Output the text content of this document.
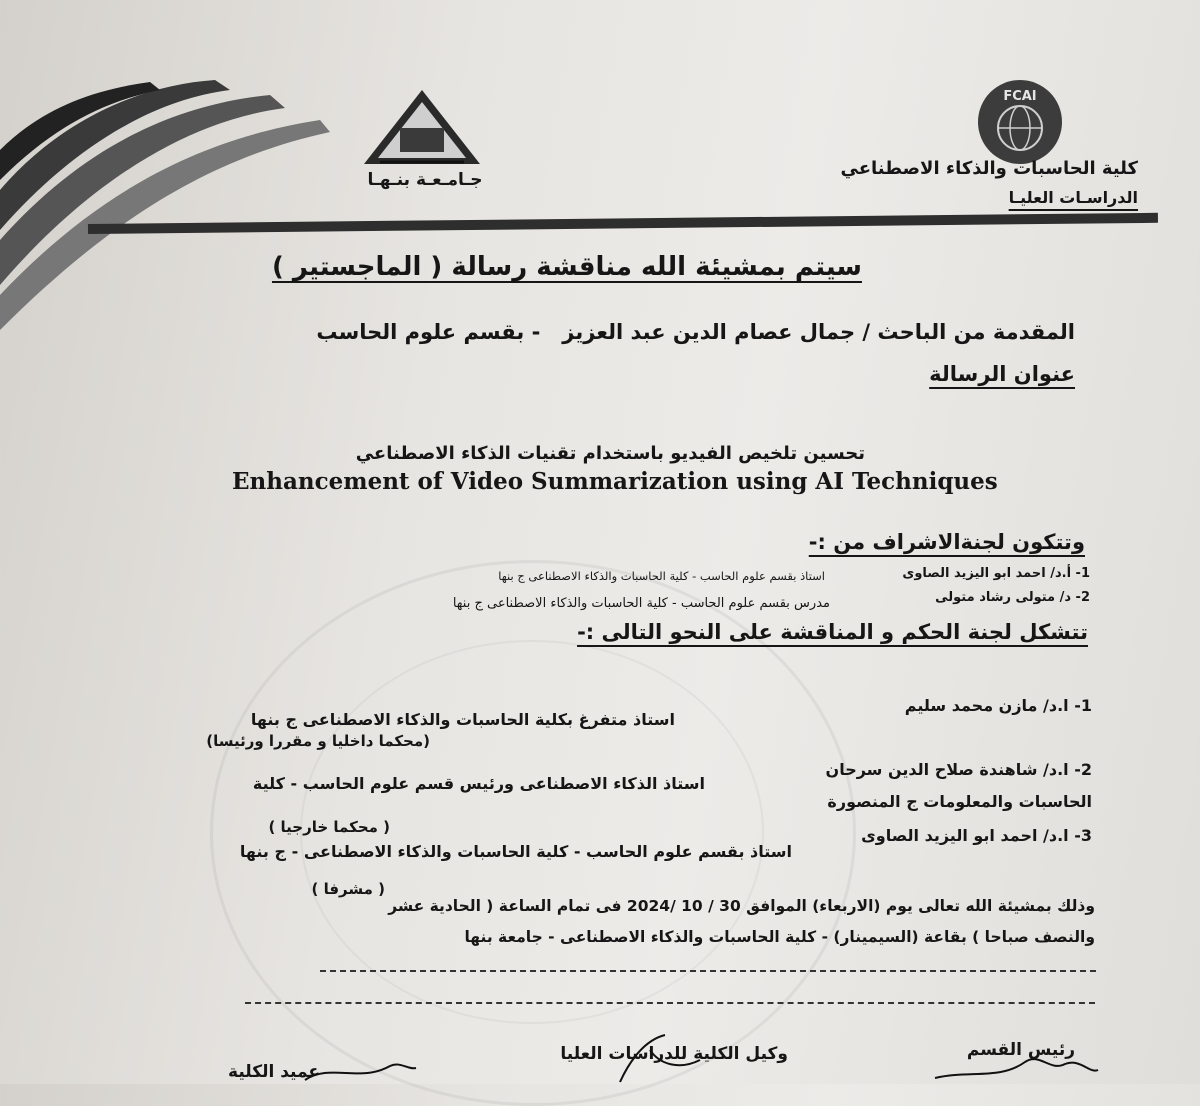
جـامـعـة بنـهـا
FCAI
كلية الحاسبات والذكاء الاصطناعي
الدراسـات العليـا
سيتم بمشيئة الله مناقشة رسالة ( الماجستير )
المقدمة من الباحث / جمال عصام الدين عبد العزيز   - بقسم علوم الحاسب
عنوان الرسالة
تحسين تلخيص الفيديو باستخدام تقنيات الذكاء الاصطناعي
Enhancement of Video Summarization using AI Techniques
وتتكون لجنةالاشراف من :-
1- أ.د/ احمد ابو اليزيد الصاوى
استاذ بقسم علوم الحاسب - كلية الحاسبات والذكاء الاصطناعى ج بنها
2- د/ متولى رشاد متولى
مدرس بقسم علوم الحاسب - كلية الحاسبات والذكاء الاصطناعى ج بنها
تتشكل لجنة الحكم و المناقشة على النحو التالى :-
1- ا.د/ مازن محمد سليم
استاذ متفرغ بكلية الحاسبات والذكاء الاصطناعى ج بنها
(محكما داخليا و مقررا ورئيسا)
2- ا.د/ شاهندة صلاح الدين سرحان
استاذ الذكاء الاصطناعى ورئيس قسم علوم الحاسب - كلية
الحاسبات والمعلومات ج المنصورة
( محكما خارجيا )	3- ا.د/ احمد ابو اليزيد الصاوى
استاذ بقسم علوم الحاسب - كلية الحاسبات والذكاء الاصطناعى - ج بنها
( مشرفا )
وذلك بمشيئة الله تعالى يوم (الاربعاء) الموافق 30 / 10 /2024 فى تمام الساعة ( الحادية عشر
والنصف صباحا ) بقاعة (السيمينار) - كلية الحاسبات والذكاء الاصطناعى - جامعة بنها
رئيس القسم
وكيل الكلية للدراسات العليا
عميد الكلية
